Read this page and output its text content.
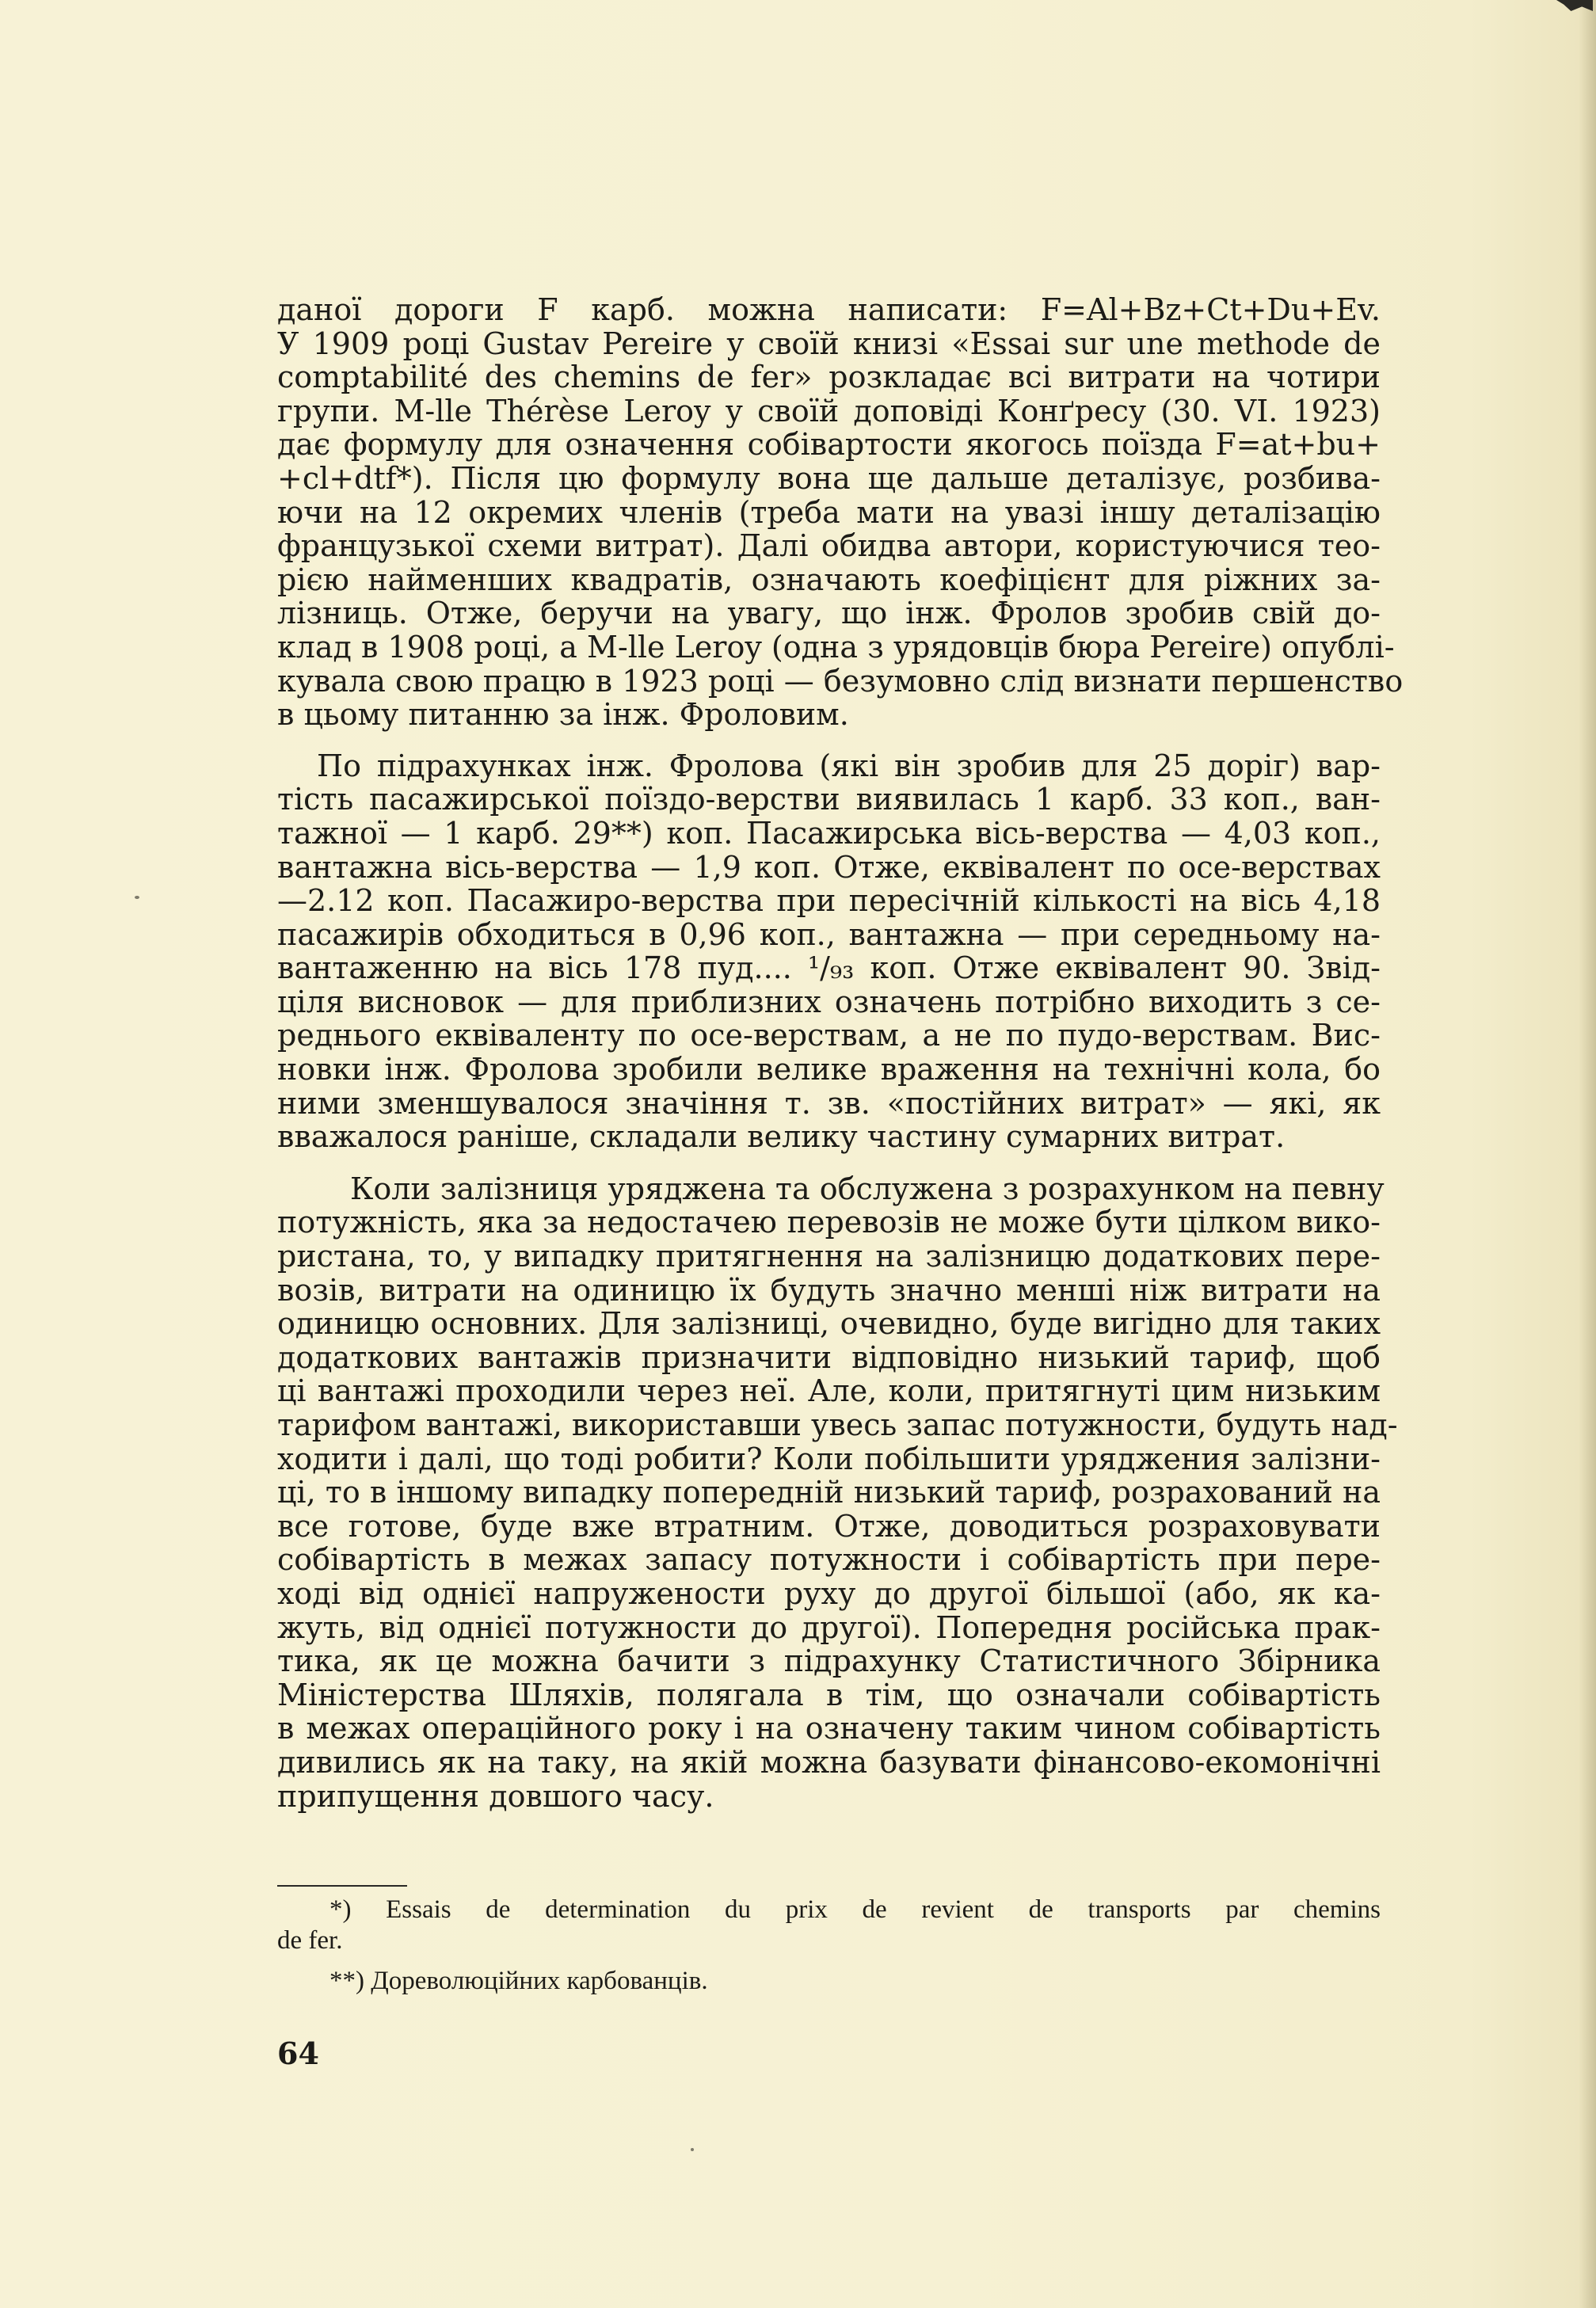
даної дороги F карб. можна написати: F=Al+Bz+Ct+Du+Ev.
У 1909 році Gustav Pereire у своїй книзі «Essai sur une methode de
comptabilité des chemins de fer» розкладає всі витрати на чотири
групи. M-lle Thérèse Leroy у своїй доповіді Конґресу (30. VI. 1923)
дає формулу для означення собівартости якогось поїзда F=at+bu+
+cl+dtf*). Після цю формулу вона ще дальше деталізує, розбива-
ючи на 12 окремих членів (треба мати на увазі іншу деталізацію
французької схеми витрат). Далі обидва автори, користуючися тео-
рією найменших квадратів, означають коефіцієнт для ріжних за-
лізниць. Отже, беручи на увагу, що інж. Фролов зробив свій до-
клад в 1908 році, а M-lle Leroy (одна з урядовців бюра Pereire) опублі-
кувала свою працю в 1923 році — безумовно слід визнати першенство
в цьому питанню за інж. Фроловим.

По підрахунках інж. Фролова (які він зробив для 25 доріг) вар-
тість пасажирської поїздо-верстви виявилась 1 карб. 33 коп., ван-
тажної — 1 карб. 29**) коп. Пасажирська вісь-верства — 4,03 коп.,
вантажна вісь-верства — 1,9 коп. Отже, еквівалент по осе-верствах
—2.12 коп. Пасажиро-верства при пересічній кількості на вісь 4,18
пасажирів обходиться в 0,96 коп., вантажна — при середньому на-
вантаженню на вісь 178 пуд.... ¹/₉₃ коп. Отже еквівалент 90. Звід-
ціля висновок — для приблизних означень потрібно виходить з се-
реднього еквіваленту по осе-верствам, а не по пудо-верствам. Вис-
новки інж. Фролова зробили велике враження на технічні кола, бо
ними зменшувалося значіння т. зв. «постійних витрат» — які, як
вважалося раніше, складали велику частину сумарних витрат.

Коли залізниця уряджена та обслужена з розрахунком на певну
потужність, яка за недостачею перевозів не може бути цілком вико-
ристана, то, у випадку притягнення на залізницю додаткових пере-
возів, витрати на одиницю їх будуть значно менші ніж витрати на
одиницю основних. Для залізниці, очевидно, буде вигідно для таких
додаткових вантажів призначити відповідно низький тариф, щоб
ці вантажі проходили через неї. Але, коли, притягнуті цим низьким
тарифом вантажі, використавши увесь запас потужности, будуть над-
ходити і далі, що тоді робити? Коли побільшити уряджения залізни-
ці, то в іншому випадку попередній низький тариф, розрахований на
все готове, буде вже втратним. Отже, доводиться розраховувати
собівартість в межах запасу потужности і собівартість при пере-
ході від однієї напружености руху до другої більшої (або, як ка-
жуть, від однієї потужности до другої). Попередня російська прак-
тика, як це можна бачити з підрахунку Статистичного Збірника
Міністерства Шляхів, полягала в тім, що означали собівартість
в межах операційного року і на означену таким чином собівартість
дивились як на таку, на якій можна базувати фінансово-екомонічні
припущення довшого часу.

*) Essais de determination du prix de revient de transports par chemins
de fer.
**) Дореволюційних карбованців.
64
